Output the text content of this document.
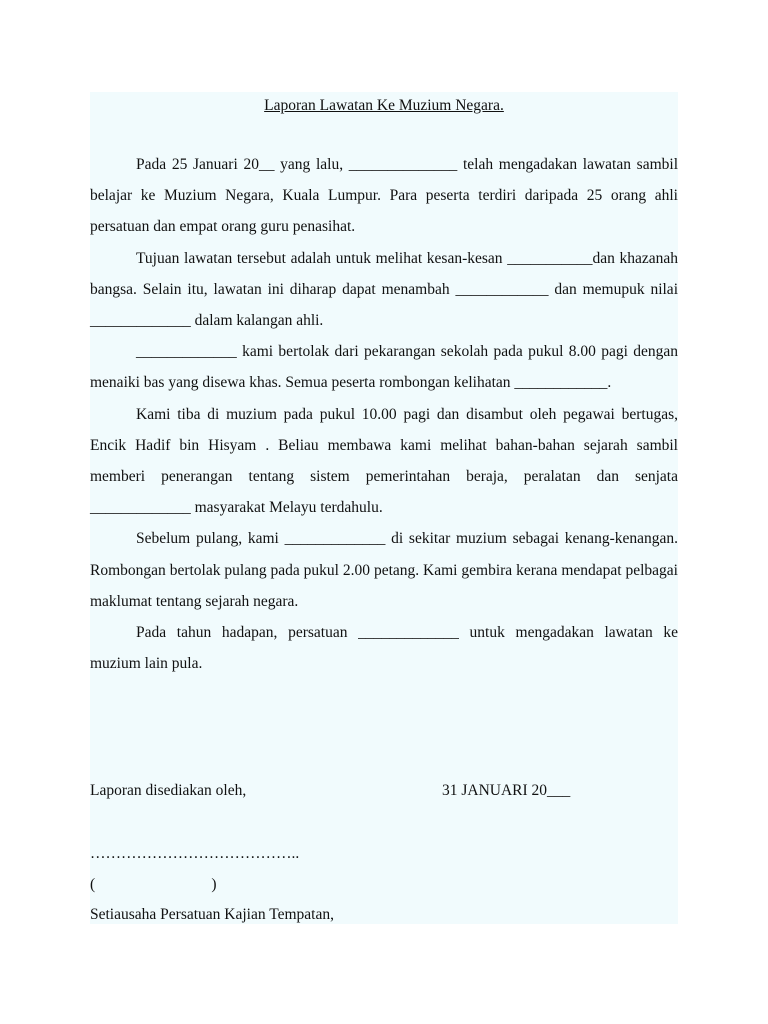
Laporan Lawatan Ke Muzium Negara.

Pada 25 Januari 20__ yang lalu, ______________ telah mengadakan lawatan sambil belajar ke Muzium Negara, Kuala Lumpur. Para peserta terdiri daripada 25 orang ahli persatuan dan empat orang guru penasihat.

Tujuan lawatan tersebut adalah untuk melihat kesan-kesan ___________dan khazanah bangsa. Selain itu, lawatan ini diharap dapat menambah ____________ dan memupuk nilai _____________ dalam kalangan ahli.

_____________ kami bertolak dari pekarangan sekolah pada pukul 8.00 pagi dengan menaiki bas yang disewa khas. Semua peserta rombongan kelihatan ____________.

Kami tiba di muzium pada pukul 10.00 pagi dan disambut oleh pegawai bertugas, Encik Hadif bin Hisyam . Beliau membawa kami melihat bahan-bahan sejarah sambil memberi penerangan tentang sistem pemerintahan beraja, peralatan dan senjata _____________ masyarakat Melayu terdahulu.

Sebelum pulang, kami _____________ di sekitar muzium sebagai kenang-kenangan. Rombongan bertolak pulang pada pukul 2.00 petang. Kami gembira kerana mendapat pelbagai maklumat tentang sejarah negara.

Pada tahun hadapan, persatuan _____________ untuk mengadakan lawatan ke muzium lain pula.

Laporan disediakan oleh,	31 JANUARI 20___
…………………………………..
(                              )
Setiausaha Persatuan Kajian Tempatan,
